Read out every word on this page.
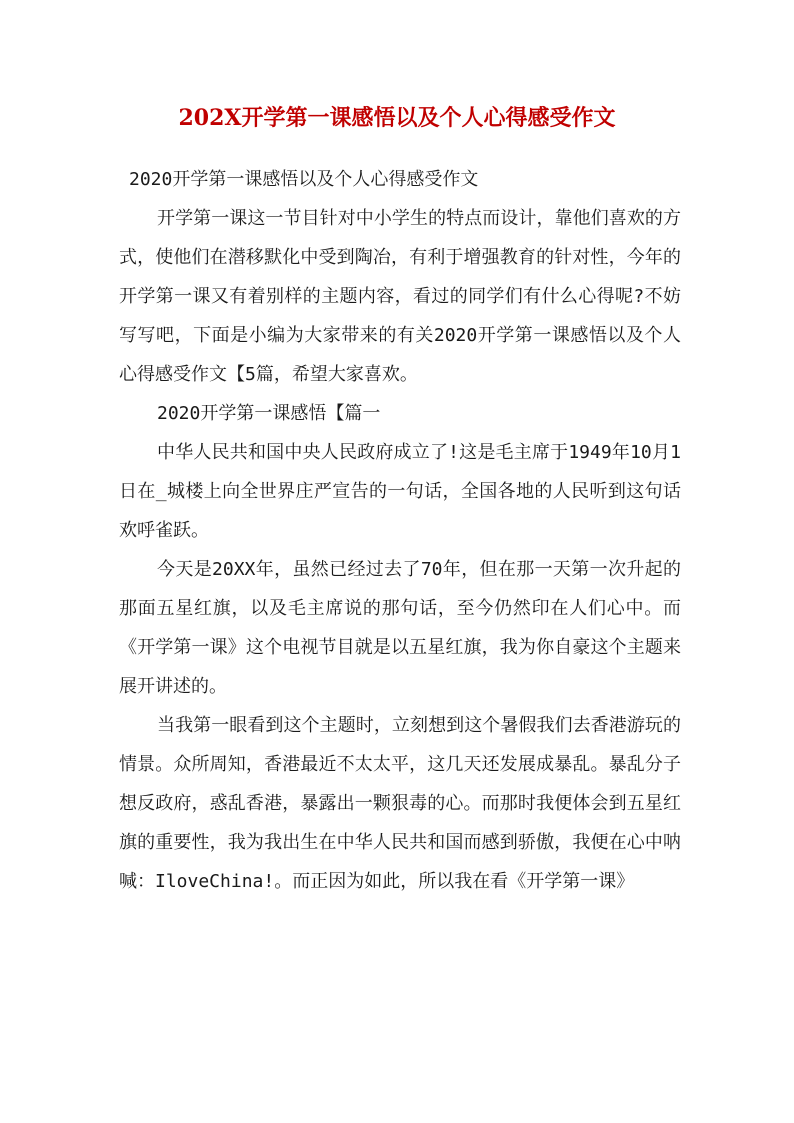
202X开学第一课感悟以及个人心得感受作文

2020开学第一课感悟以及个人心得感受作文

开学第一课这一节目针对中小学生的特点而设计，靠他们喜欢的方式，使他们在潜移默化中受到陶冶，有利于增强教育的针对性，今年的开学第一课又有着别样的主题内容，看过的同学们有什么心得呢?不妨写写吧，下面是小编为大家带来的有关2020开学第一课感悟以及个人心得感受作文【5篇，希望大家喜欢。

2020开学第一课感悟【篇一

中华人民共和国中央人民政府成立了!这是毛主席于1949年10月1日在_城楼上向全世界庄严宣告的一句话，全国各地的人民听到这句话欢呼雀跃。

今天是20XX年，虽然已经过去了70年，但在那一天第一次升起的那面五星红旗，以及毛主席说的那句话，至今仍然印在人们心中。而《开学第一课》这个电视节目就是以五星红旗，我为你自豪这个主题来展开讲述的。

当我第一眼看到这个主题时，立刻想到这个暑假我们去香港游玩的情景。众所周知，香港最近不太太平，这几天还发展成暴乱。暴乱分子想反政府，惑乱香港，暴露出一颗狠毒的心。而那时我便体会到五星红旗的重要性，我为我出生在中华人民共和国而感到骄傲，我便在心中呐喊：IloveChina!。而正因为如此，所以我在看《开学第一课》
